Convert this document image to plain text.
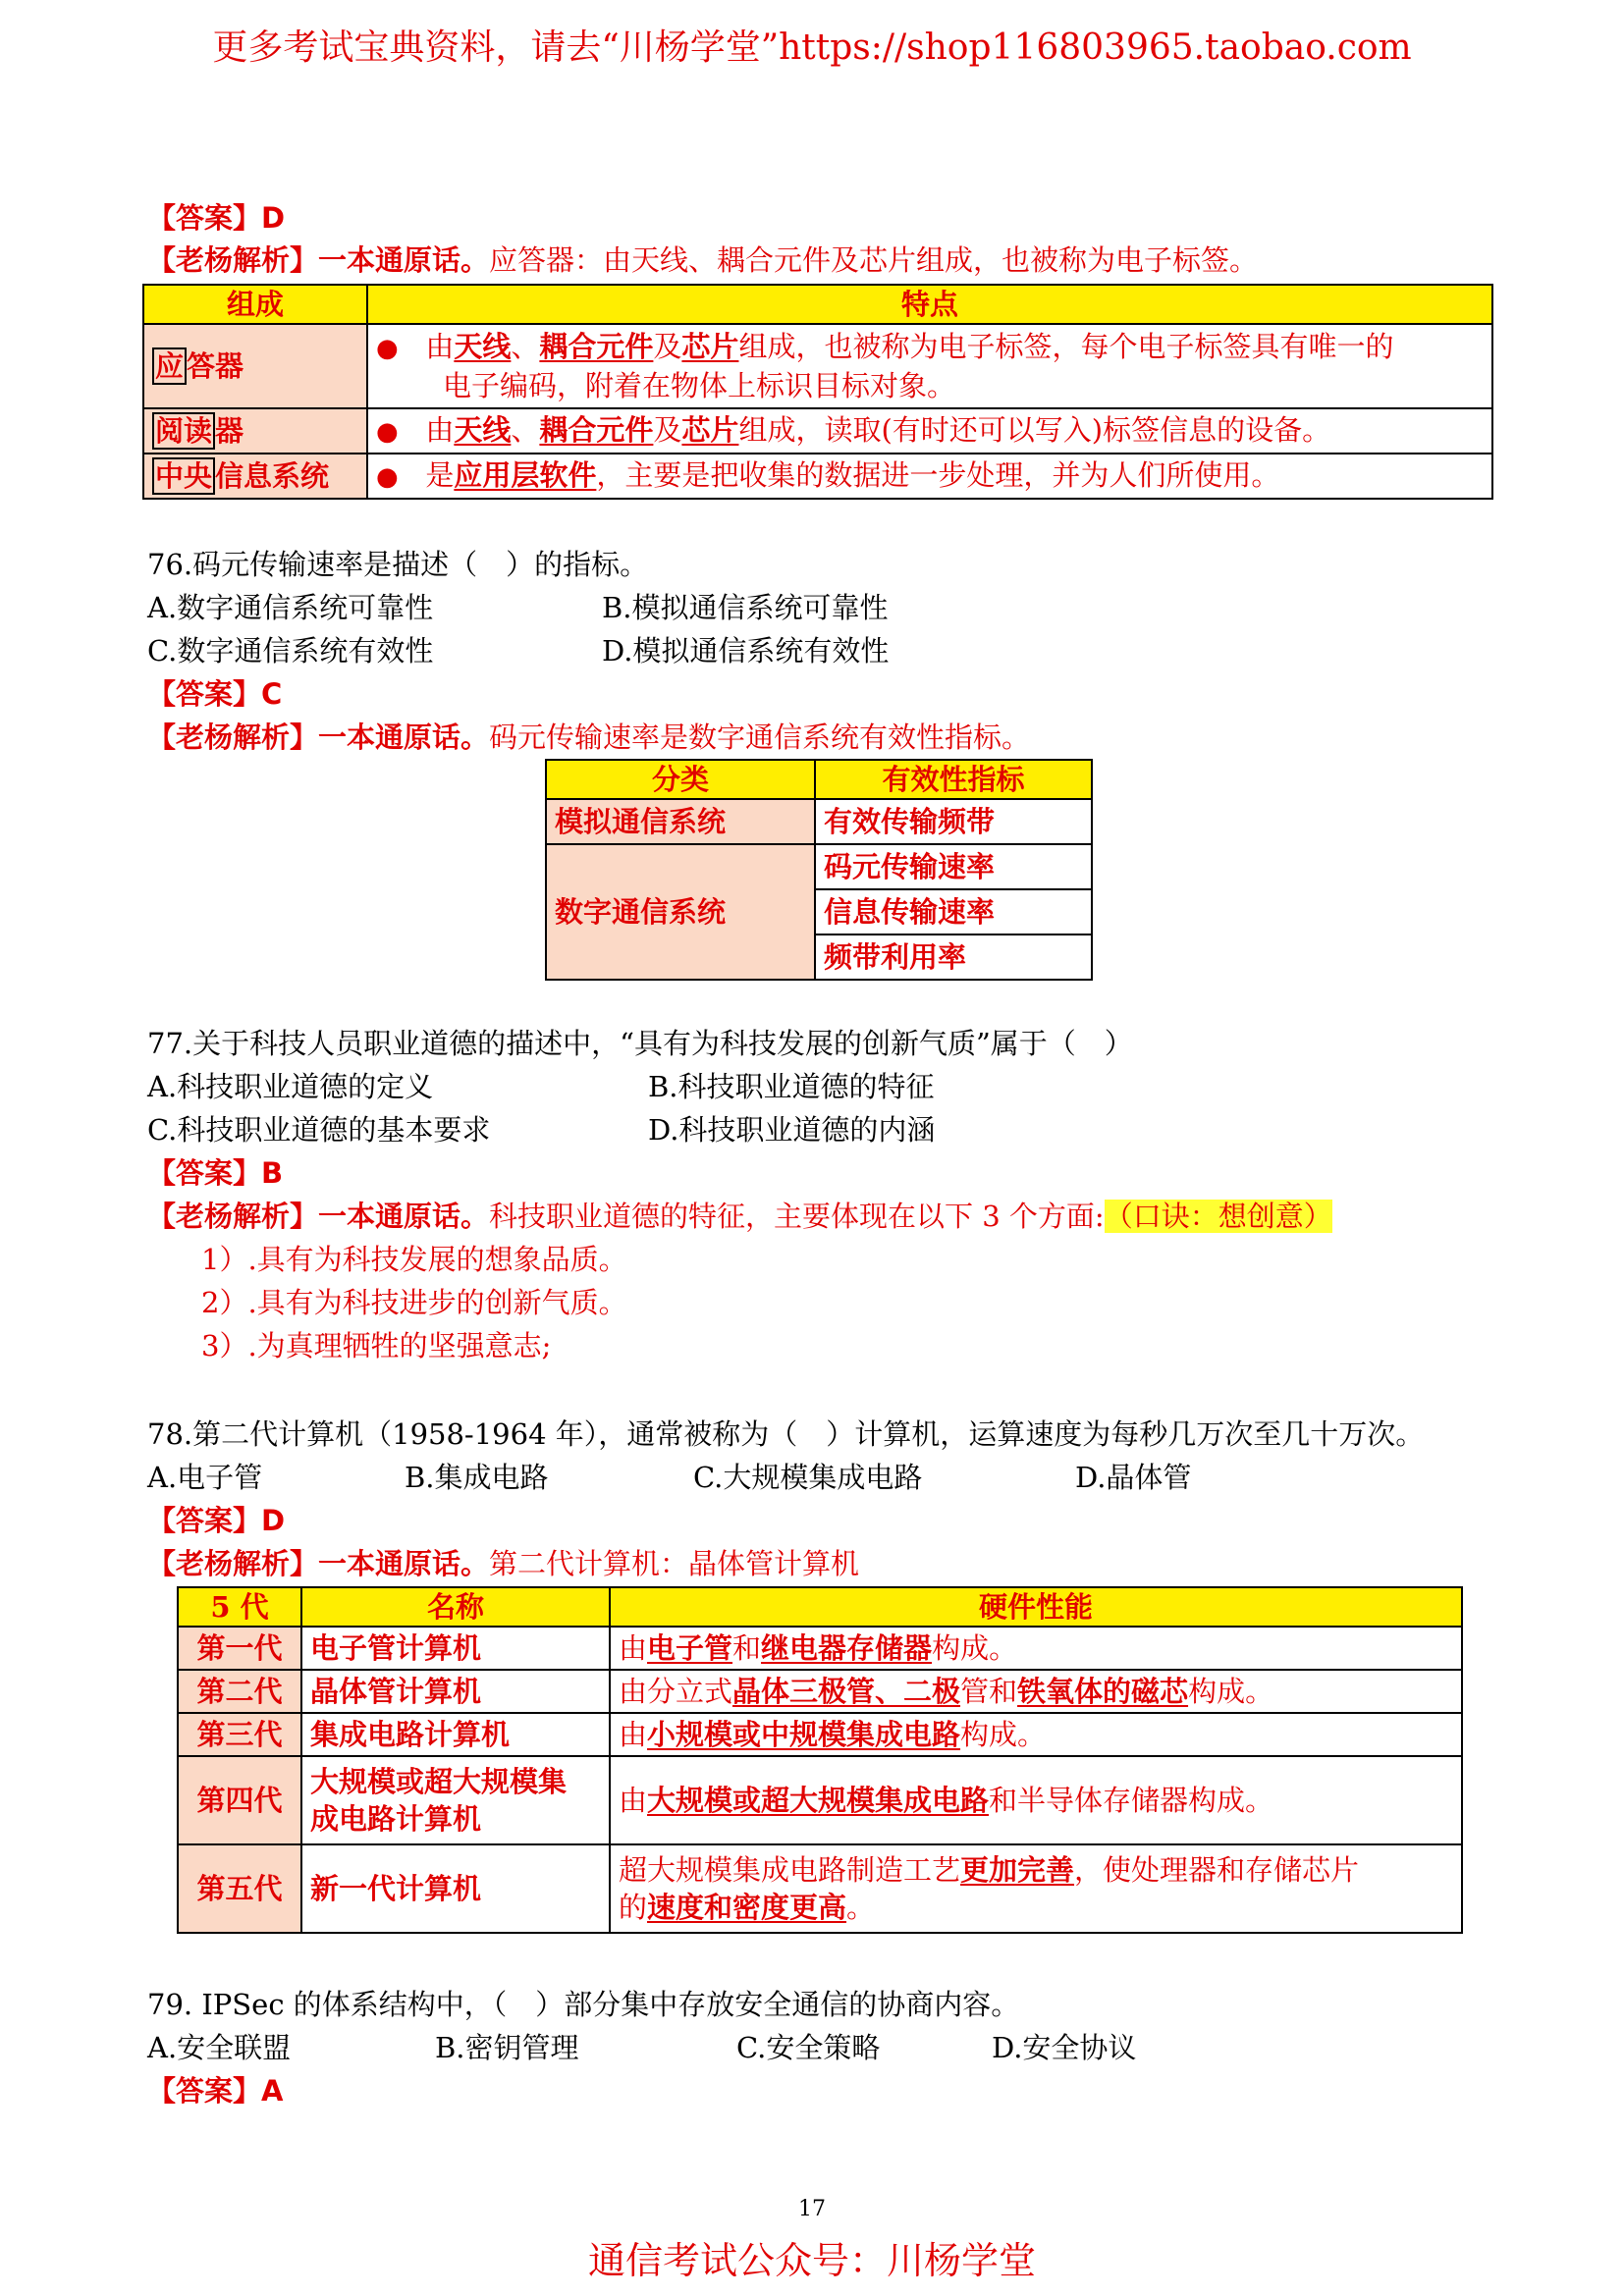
更多考试宝典资料，请去“川杨学堂”https://shop116803965.taobao.com
17
通信考试公众号：川杨学堂
【答案】D
【老杨解析】一本通原话。应答器：由天线、耦合元件及芯片组成，也被称为电子标签。
组成	特点
应 答器	● 由天线、耦合元件及芯片组成，也被称为电子标签，每个电子标签具有唯一的
电子编码，附着在物体上标识目标对象。

阅读 器	● 由天线、耦合元件及芯片组成，读取(有时还可以写入)标签信息的设备。
中央 信息系统	● 是应用层软件，主要是把收集的数据进一步处理，并为人们所使用。
76.码元传输速率是描述（　）的指标。
A.数字通信系统可靠性	B.模拟通信系统可靠性
C.数字通信系统有效性	D.模拟通信系统有效性
【答案】C
【老杨解析】一本通原话。码元传输速率是数字通信系统有效性指标。
分类	有效性指标
模拟通信系统	有效传输频带
数字通信系统	码元传输速率
	信息传输速率
	频带利用率
77.关于科技人员职业道德的描述中，“具有为科技发展的创新气质”属于（　）
A.科技职业道德的定义	B.科技职业道德的特征
C.科技职业道德的基本要求	D.科技职业道德的内涵
【答案】B
【老杨解析】一本通原话。科技职业道德的特征，主要体现在以下 3 个方面:（口诀：想创意）
1）.具有为科技发展的想象品质。
2）.具有为科技进步的创新气质。
3）.为真理牺牲的坚强意志;
78.第二代计算机（1958-1964 年），通常被称为（　）计算机，运算速度为每秒几万次至几十万次。
A.电子管	B.集成电路	C.大规模集成电路	D.晶体管
【答案】D
【老杨解析】一本通原话。第二代计算机：晶体管计算机
5 代	名称	硬件性能
第一代	电子管计算机	由电子管和继电器存储器构成。
第二代	晶体管计算机	由分立式晶体三极管、二极管和铁氧体的磁芯构成。
第三代	集成电路计算机	由小规模或中规模集成电路构成。
第四代	大规模或超大规模集
成电路计算机	由大规模或超大规模集成电路和半导体存储器构成。
第五代	新一代计算机	超大规模集成电路制造工艺更加完善，使处理器和存储芯片
的速度和密度更高。
79. IPSec 的体系结构中，（　）部分集中存放安全通信的协商内容。
A.安全联盟	B.密钥管理	C.安全策略	D.安全协议
【答案】A
